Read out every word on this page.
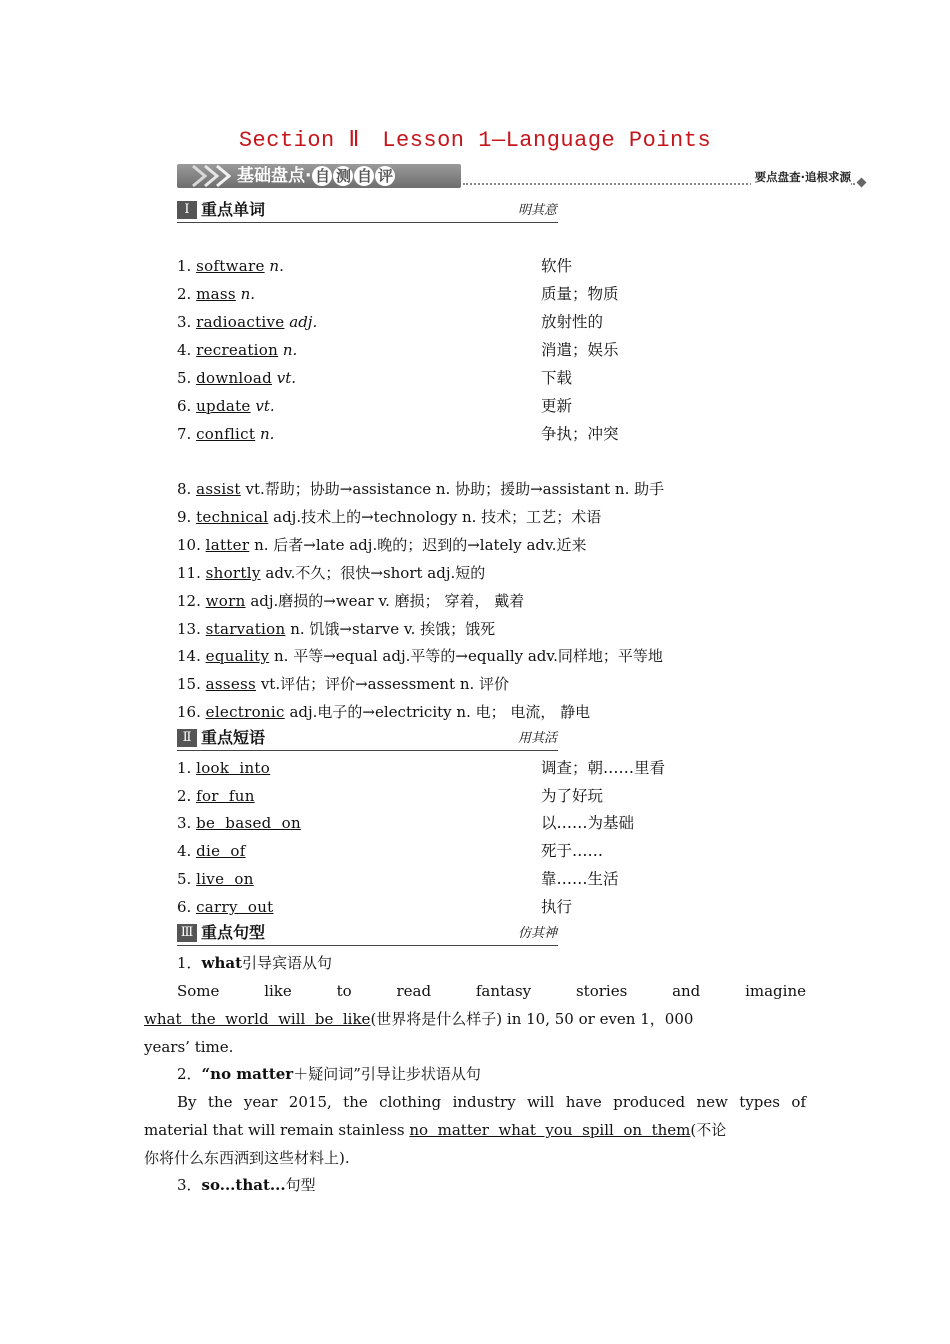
Section Ⅱ　Lesson 1—Language Points
基础盘点· 自 测 自 评	要点盘查·追根求源
Ⅰ 重点单词	明其意
1. software n.	软件
2. mass n.	质量；物质
3. radioactive adj.	放射性的
4. recreation n.	消遣；娱乐
5. download vt.	下载
6. update vt.	更新
7. conflict n.	争执；冲突
8. assist vt.帮助；协助→assistance n. 协助；援助→assistant n. 助手
9. technical adj.技术上的→technology n. 技术；工艺；术语
10. latter n. 后者→late adj.晚的；迟到的→lately adv.近来
11. shortly adv.不久；很快→short adj.短的
12. worn adj.磨损的→wear v. 磨损； 穿着， 戴着
13. starvation n. 饥饿→starve v. 挨饿；饿死
14. equality n. 平等→equal adj.平等的→equally adv.同样地；平等地
15. assess vt.评估；评价→assessment n. 评价
16. electronic adj.电子的→electricity n. 电； 电流， 静电
Ⅱ 重点短语	用其活
1. look  into	调查；朝……里看
2. for  fun	为了好玩
3. be  based  on	以……为基础
4. die  of	死于……
5. live  on	靠……生活
6. carry  out	执行
Ⅲ 重点句型	仿其神
1．what引导宾语从句
Some like to read fantasy stories and imagine
what  the  world  will  be  like(世界将是什么样子) in 10, 50 or even 1，000
years’ time.
2．“no matter＋疑问词”引导让步状语从句
By the year 2015, the clothing industry will have produced new types of
material that will remain stainless no  matter  what  you  spill  on  them(不论
你将什么东西洒到这些材料上).
3．so...that...句型
